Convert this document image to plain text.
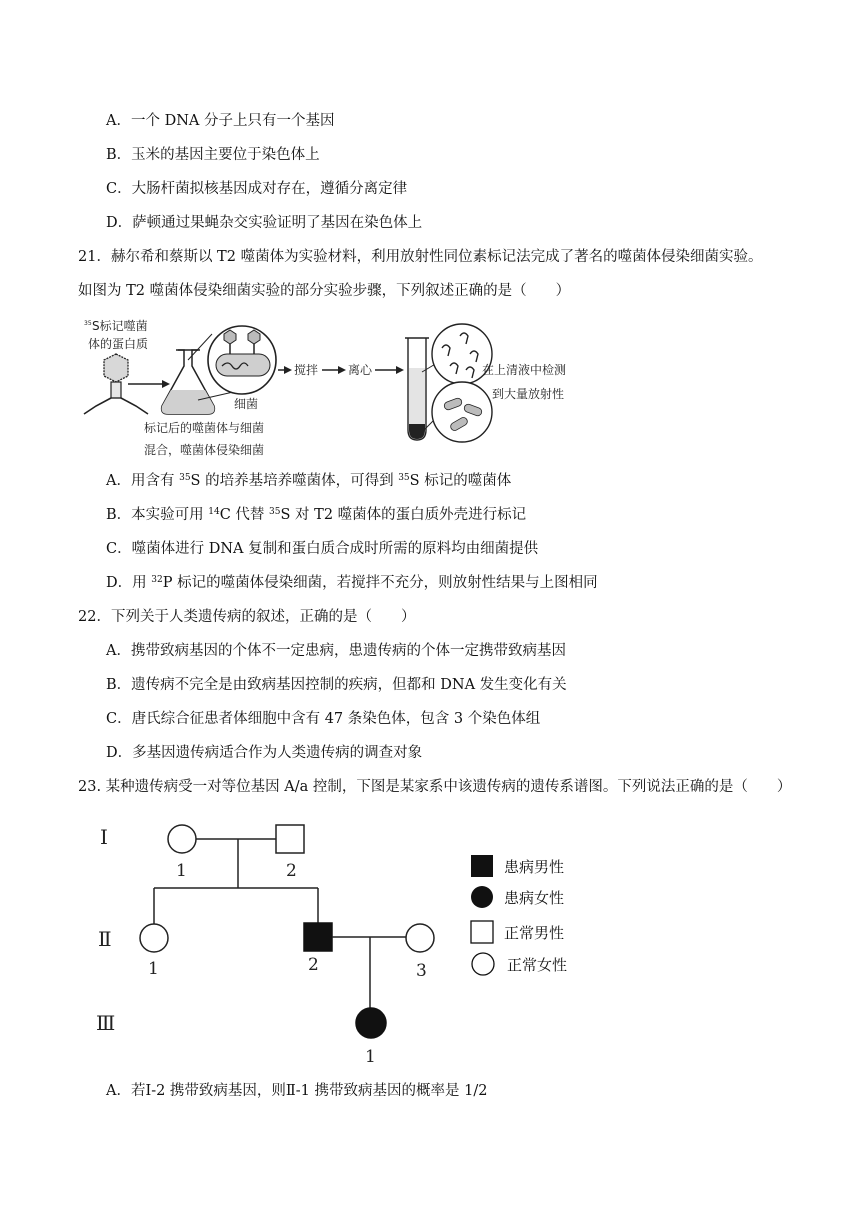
A．一个 DNA 分子上只有一个基因
B．玉米的基因主要位于染色体上
C．大肠杆菌拟核基因成对存在，遵循分离定律
D．萨顿通过果蝇杂交实验证明了基因在染色体上
21．赫尔希和蔡斯以 T2 噬菌体为实验材料，利用放射性同位素标记法完成了著名的噬菌体侵染细菌实验。
如图为 T2 噬菌体侵染细菌实验的部分实验步骤，下列叙述正确的是（　　）
35 S标记噬菌
体的蛋白质
细菌
标记后的噬菌体与细菌
混合，噬菌体侵染细菌
搅拌 离心	在上清液中检测
到大量放射性
A．用含有 $^{35}$S 的培养基培养噬菌体，可得到 $^{35}$S 标记的噬菌体
B．本实验可用 $^{14}$C 代替 $^{35}$S 对 T2 噬菌体的蛋白质外壳进行标记
C．噬菌体进行 DNA 复制和蛋白质合成时所需的原料均由细菌提供
D．用 $^{32}$P 标记的噬菌体侵染细菌，若搅拌不充分，则放射性结果与上图相同
22．下列关于人类遗传病的叙述，正确的是（　　）
A．携带致病基因的个体不一定患病，患遗传病的个体一定携带致病基因
B．遗传病不完全是由致病基因控制的疾病，但都和 DNA 发生变化有关
C．唐氏综合征患者体细胞中含有 47 条染色体，包含 3 个染色体组
D．多基因遗传病适合作为人类遗传病的调查对象
23. 某种遗传病受一对等位基因 A/a 控制，下图是某家系中该遗传病的遗传系谱图。下列说法正确的是（　　）
Ⅰ
Ⅱ
Ⅲ
1	2
1	2	3
1
患病男性
患病女性
正常男性
正常女性
A．若Ⅰ-2 携带致病基因，则Ⅱ-1 携带致病基因的概率是 1/2
